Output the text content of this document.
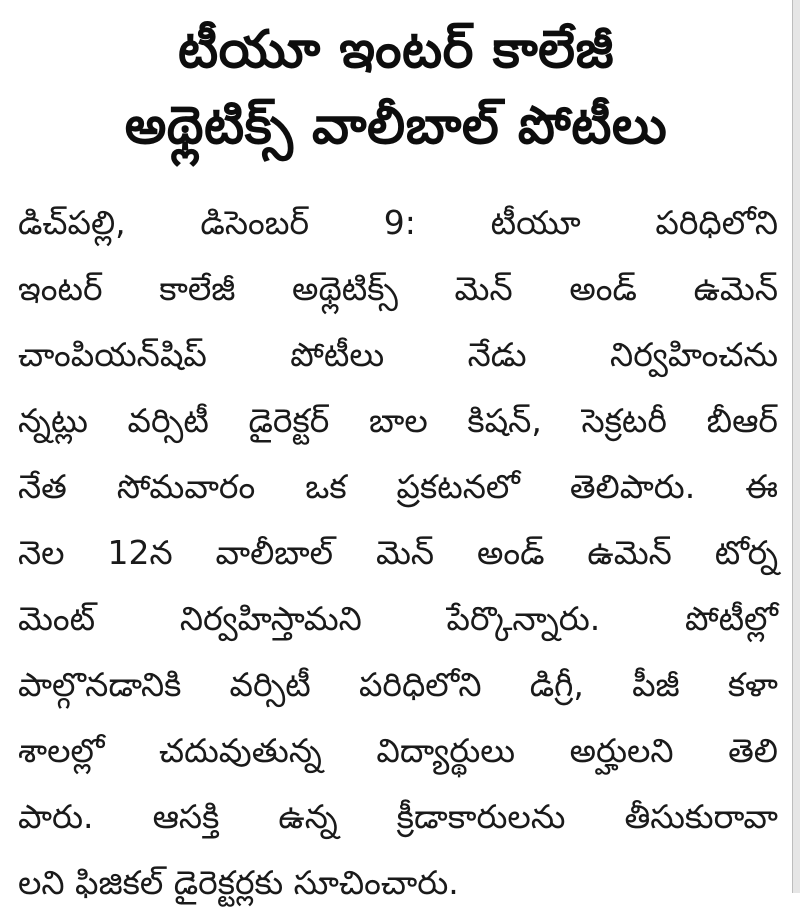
టీయూ ఇంటర్ కాలేజీ
అథ్లెటిక్స్ వాలీబాల్ పోటీలు
డిచ్‌పల్లి, డిసెంబర్ 9: టీయూ పరిధిలోని
ఇంటర్ కాలేజీ అథ్లెటిక్స్ మెన్ అండ్ ఉమెన్
చాంపియన్‌షిప్ పోటీలు నేడు నిర్వహించను
న్నట్లు వర్సిటీ డైరెక్టర్ బాల కిషన్, సెక్రటరీ బీఆర్
నేత సోమవారం ఒక ప్రకటనలో తెలిపారు. ఈ
నెల 12న వాలీబాల్ మెన్ అండ్ ఉమెన్ టోర్న
మెంట్ నిర్వహిస్తామని పేర్కొన్నారు. పోటీల్లో
పాల్గొనడానికి వర్సిటీ పరిధిలోని డిగ్రీ, పీజీ కళా
శాలల్లో చదువుతున్న విద్యార్థులు అర్హులని తెలి
పారు. ఆసక్తి ఉన్న క్రీడాకారులను తీసుకురావా
లని ఫిజికల్ డైరెక్టర్లకు సూచించారు.
